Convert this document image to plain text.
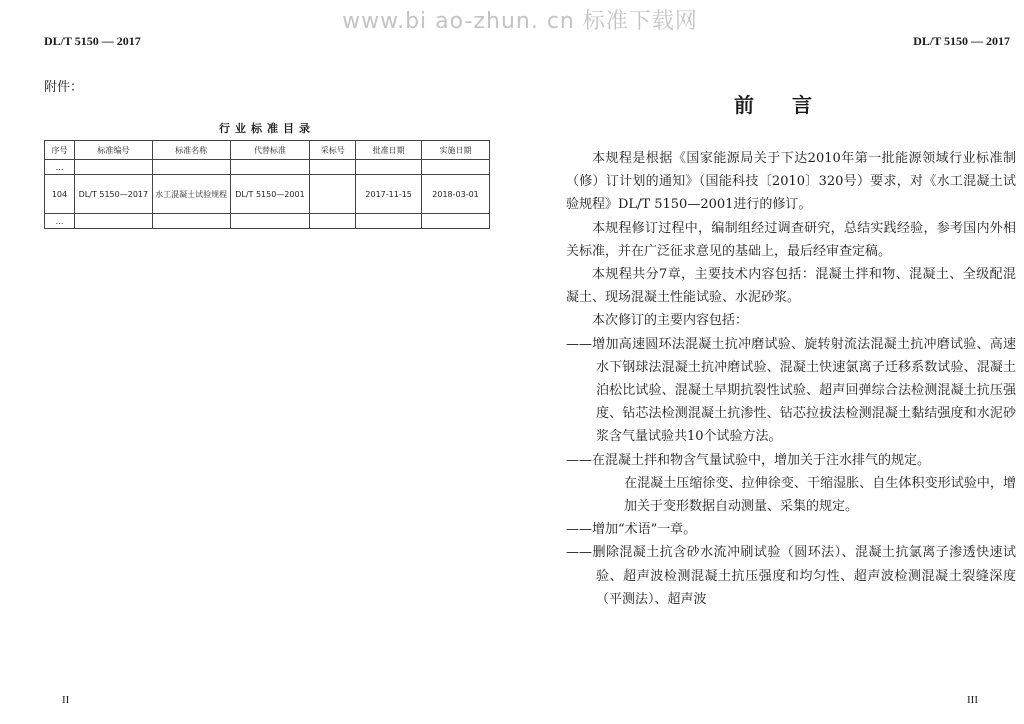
www.bi ao-zhun. cn 标准下载网
DL/T 5150 — 2017
附件：
行业标准目录
序号	标准编号	标准名称	代替标准	采标号	批准日期	实施日期
…						
104	DL/T 5150—2017	水工混凝土试验规程	DL/T 5150—2001		2017-11-15	2018-03-01
…						
II
DL/T 5150 — 2017
前言

本规程是根据《国家能源局关于下达2010年第一批能源领域行业标准制（修）订计划的通知》（国能科技〔2010〕320号）要求，对《水工混凝土试验规程》DL/T 5150—2001进行的修订。

本规程修订过程中，编制组经过调查研究，总结实践经验，参考国内外相关标准，并在广泛征求意见的基础上，最后经审查定稿。

本规程共分7章，主要技术内容包括：混凝土拌和物、混凝土、全级配混凝土、现场混凝土性能试验、水泥砂浆。

本次修订的主要内容包括：

——增加高速圆环法混凝土抗冲磨试验、旋转射流法混凝土抗冲磨试验、高速水下钢球法混凝土抗冲磨试验、混凝土快速氯离子迁移系数试验、混凝土泊松比试验、混凝土早期抗裂性试验、超声回弹综合法检测混凝土抗压强度、钻芯法检测混凝土抗渗性、钻芯拉拔法检测混凝土黏结强度和水泥砂浆含气量试验共10个试验方法。
——在混凝土拌和物含气量试验中，增加关于注水排气的规定。
在混凝土压缩徐变、拉伸徐变、干缩湿胀、自生体积变形试验中，增加关于变形数据自动测量、采集的规定。
——增加“术语”一章。
——删除混凝土抗含砂水流冲刷试验（圆环法）、混凝土抗氯离子渗透快速试验、超声波检测混凝土抗压强度和均匀性、超声波检测混凝土裂缝深度（平测法）、超声波
III
